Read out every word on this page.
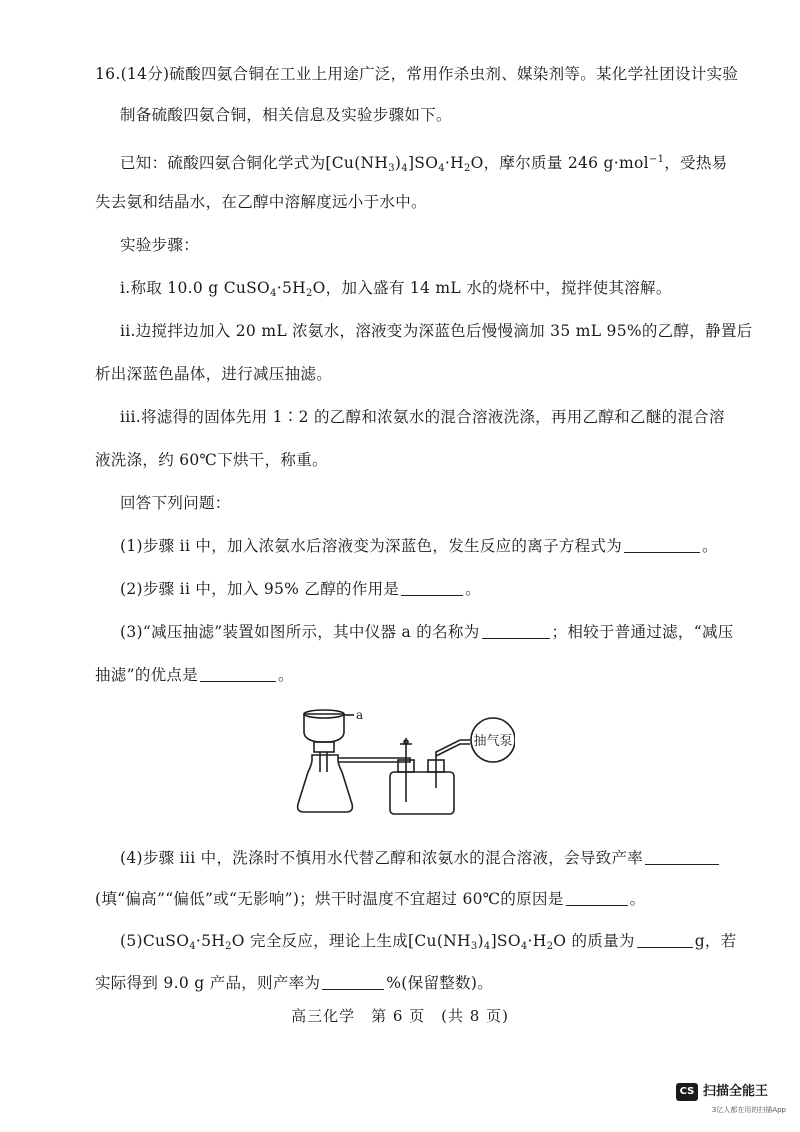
16.(14分)硫酸四氨合铜在工业上用途广泛，常用作杀虫剂、媒染剂等。某化学社团设计实验
制备硫酸四氨合铜，相关信息及实验步骤如下。
已知：硫酸四氨合铜化学式为$[Cu(NH_3)_4]SO_4\cdot H_2O$，摩尔质量 246 g·mol$^{-1}$，受热易
失去氨和结晶水，在乙醇中溶解度远小于水中。
实验步骤：
i.称取 10.0 g $CuSO_4\cdot 5H_2O$，加入盛有 14 mL 水的烧杯中，搅拌使其溶解。
ii.边搅拌边加入 20 mL 浓氨水，溶液变为深蓝色后慢慢滴加 35 mL 95%的乙醇，静置后
析出深蓝色晶体，进行减压抽滤。
iii.将滤得的固体先用 1∶2 的乙醇和浓氨水的混合溶液洗涤，再用乙醇和乙醚的混合溶
液洗涤，约 60℃下烘干，称重。
回答下列问题：
(1)步骤 ii 中，加入浓氨水后溶液变为深蓝色，发生反应的离子方程式为	。
(2)步骤 ii 中，加入 95% 乙醇的作用是	。
(3)“减压抽滤”装置如图所示，其中仪器 a 的名称为	；相较于普通过滤，“减压
抽滤”的优点是	。
a
抽气泵
(4)步骤 iii 中，洗涤时不慎用水代替乙醇和浓氨水的混合溶液，会导致产率
(填“偏高”“偏低”或“无影响”)；烘干时温度不宜超过 60℃的原因是	。
$(5)CuSO_4\cdot 5H_2O$ 完全反应，理论上生成$[Cu(NH_3)_4]SO_4\cdot H_2O$ 的质量为	g，若
实际得到 9.0 g 产品，则产率为	%(保留整数)。
高三化学　第 6 页　(共 8 页)
CS 扫描全能王
3亿人都在用的扫描App
